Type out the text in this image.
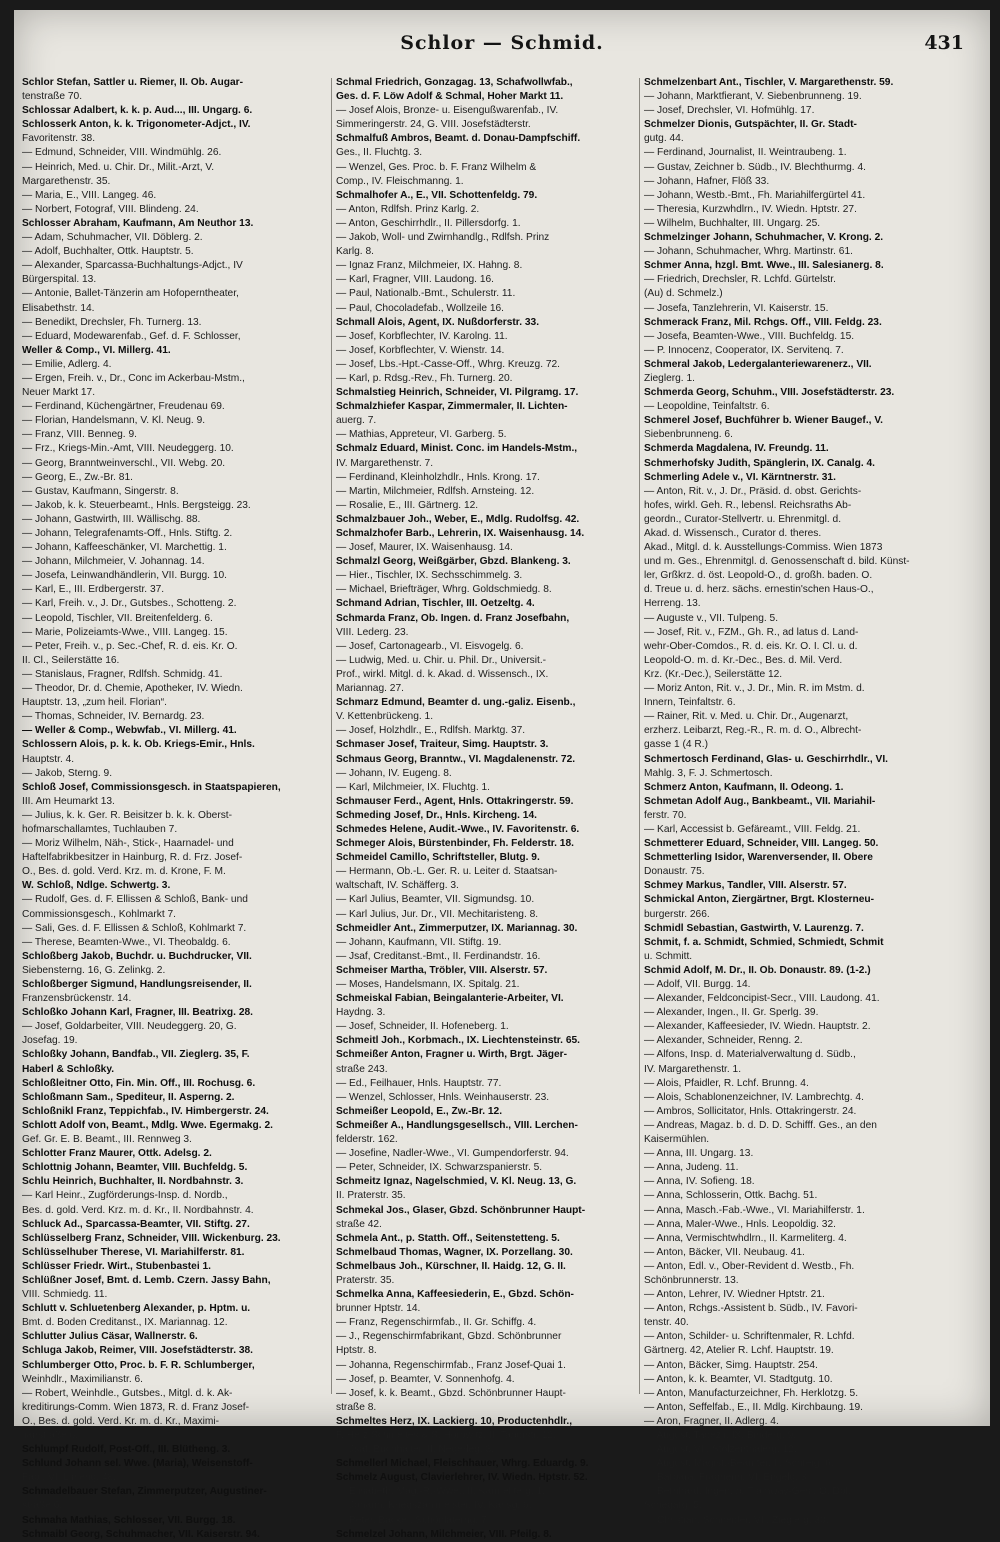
Schlor — Schmid.	431
Schlor Stefan, Sattler u. Riemer, II. Ob. Augar-
tenstraße 70.
Schlossar Adalbert, k. k. p. Aud..., III. Ungarg. 6.
Schlosserk Anton, k. k. Trigonometer-Adjct., IV.
Favoritenstr. 38.
— Edmund, Schneider, VIII. Windmühlg. 26.
— Heinrich, Med. u. Chir. Dr., Milit.-Arzt, V.
Margarethenstr. 35.
— Maria, E., VIII. Langeg. 46.
— Norbert, Fotograf, VIII. Blindeng. 24.
Schlosser Abraham, Kaufmann, Am Neuthor 13.
— Adam, Schuhmacher, VII. Döblerg. 2.
— Adolf, Buchhalter, Ottk. Hauptstr. 5.
— Alexander, Sparcassa-Buchhaltungs-Adjct., IV
Bürgerspital. 13.
— Antonie, Ballet-Tänzerin am Hofoperntheater,
Elisabethstr. 14.
— Benedikt, Drechsler, Fh. Turnerg. 13.
— Eduard, Modewarenfab., Gef. d. F. Schlosser,
Weller & Comp., VI. Millerg. 41.
— Emilie, Adlerg. 4.
— Ergen, Freih. v., Dr., Conc im Ackerbau-Mstm.,
Neuer Markt 17.
— Ferdinand, Küchengärtner, Freudenau 69.
— Florian, Handelsmann, V. Kl. Neug. 9.
— Franz, VIII. Benneg. 9.
— Frz., Kriegs-Min.-Amt, VIII. Neudeggerg. 10.
— Georg, Branntweinverschl., VII. Webg. 20.
— Georg, E., Zw.-Br. 81.
— Gustav, Kaufmann, Singerstr. 8.
— Jakob, k. k. Steuerbeamt., Hnls. Bergsteigg. 23.
— Johann, Gastwirth, III. Wällischg. 88.
— Johann, Telegrafenamts-Off., Hnls. Stiftg. 2.
— Johann, Kaffeeschänker, VI. Marchettig. 1.
— Johann, Milchmeier, V. Johannag. 14.
— Josefa, Leinwandhändlerin, VII. Burgg. 10.
— Karl, E., III. Erdbergerstr. 37.
— Karl, Freih. v., J. Dr., Gutsbes., Schotteng. 2.
— Leopold, Tischler, VII. Breitenfelderg. 6.
— Marie, Polizeiamts-Wwe., VIII. Langeg. 15.
— Peter, Freih. v., p. Sec.-Chef, R. d. eis. Kr. O.
II. Cl., Seilerstätte 16.
— Stanislaus, Fragner, Rdlfsh. Schmidg. 41.
— Theodor, Dr. d. Chemie, Apotheker, IV. Wiedn.
Hauptstr. 13, „zum heil. Florian“.
— Thomas, Schneider, IV. Bernardg. 23.
— Weller & Comp., Webwfab., VI. Millerg. 41.
Schlossern Alois, p. k. k. Ob. Kriegs-Emir., Hnls.
Hauptstr. 4.
— Jakob, Sterng. 9.
Schloß Josef, Commissionsgesch. in Staatspapieren,
III. Am Heumarkt 13.
— Julius, k. k. Ger. R. Beisitzer b. k. k. Oberst-
hofmarschallamtes, Tuchlauben 7.
— Moriz Wilhelm, Näh-, Stick-, Haarnadel- und
Haftelfabrikbesitzer in Hainburg, R. d. Frz. Josef-
O., Bes. d. gold. Verd. Krz. m. d. Krone, F. M.
W. Schloß, Ndlge. Schwertg. 3.
— Rudolf, Ges. d. F. Ellissen & Schloß, Bank- und
Commissionsgesch., Kohlmarkt 7.
— Sali, Ges. d. F. Ellissen & Schloß, Kohlmarkt 7.
— Therese, Beamten-Wwe., VI. Theobaldg. 6.
Schloßberg Jakob, Buchdr. u. Buchdrucker, VII.
Siebensterng. 16, G. Zelinkg. 2.
Schloßberger Sigmund, Handlungsreisender, II.
Franzensbrückenstr. 14.
Schloßko Johann Karl, Fragner, III. Beatrixg. 28.
— Josef, Goldarbeiter, VIII. Neudeggerg. 20, G.
Josefag. 19.
Schloßky Johann, Bandfab., VII. Zieglerg. 35, F.
Haberl & Schloßky.
Schloßleitner Otto, Fin. Min. Off., III. Rochusg. 6.
Schloßmann Sam., Spediteur, II. Asperng. 2.
Schloßnikl Franz, Teppichfab., IV. Himbergerstr. 24.
Schlott Adolf von, Beamt., Mdlg. Wwe. Egermakg. 2.
Gef. Gr. E. B. Beamt., III. Rennweg 3.
Schlotter Franz Maurer, Ottk. Adelsg. 2.
Schlottnig Johann, Beamter, VIII. Buchfeldg. 5.
Schlu Heinrich, Buchhalter, II. Nordbahnstr. 3.
— Karl Heinr., Zugförderungs-Insp. d. Nordb.,
Bes. d. gold. Verd. Krz. m. d. Kr., II. Nordbahnstr. 4.
Schluck Ad., Sparcassa-Beamter, VII. Stiftg. 27.
Schlüsselberg Franz, Schneider, VIII. Wickenburg. 23.
Schlüsselhuber Therese, VI. Mariahilferstr. 81.
Schlüsser Friedr. Wirt., Stubenbastei 1.
Schlüßner Josef, Bmt. d. Lemb. Czern. Jassy Bahn,
VIII. Schmiedg. 11.
Schlutt v. Schluetenberg Alexander, p. Hptm. u.
Bmt. d. Boden Creditanst., IX. Mariannag. 12.
Schlutter Julius Cäsar, Wallnerstr. 6.
Schluga Jakob, Reimer, VIII. Josefstädterstr. 38.
Schlumberger Otto, Proc. b. F. R. Schlumberger,
Weinhdlr., Maximilianstr. 6.
— Robert, Weinhdle., Gutsbes., Mitgl. d. k. Ak-
kreditirungs-Comm. Wien 1873, R. d. Franz Josef-
O., Bes. d. gold. Verd. Kr. m. d. Kr., Maximi-
lianstraße 6.
Schlumpf Rudolf, Post-Off., III. Blütheng. 3.
Schlund Johann sel. Wwe. (Maria), Weisenstoff-
Fab., VI. Linieng. 48.
Schmadelbauer Stefan, Zimmerputzer, Augustiner-
straße 6.
Schmaha Mathias, Schlosser, VII. Burgg. 18.
Schmaibl Georg, Schuhmacher, VII. Kaiserstr. 94.
Schmal Friedrich, Gonzagag. 13, Schafwollwfab.,
Ges. d. F. Löw Adolf & Schmal, Hoher Markt 11.
— Josef Alois, Bronze- u. Eisengußwarenfab., IV.
Simmeringerstr. 24, G. VIII. Josefstädterstr.
Schmalfuß Ambros, Beamt. d. Donau-Dampfschiff.
Ges., II. Fluchtg. 3.
— Wenzel, Ges. Proc. b. F. Franz Wilhelm &
Comp., IV. Fleischmanng. 1.
Schmalhofer A., E., VII. Schottenfeldg. 79.
— Anton, Rdlfsh. Prinz Karlg. 2.
— Anton, Geschirrhdlr., II. Pillersdorfg. 1.
— Jakob, Woll- und Zwirnhandlg., Rdlfsh. Prinz
Karlg. 8.
— Ignaz Franz, Milchmeier, IX. Hahng. 8.
— Karl, Fragner, VIII. Laudong. 16.
— Paul, Nationalb.-Bmt., Schulerstr. 11.
— Paul, Chocoladefab., Wollzeile 16.
Schmall Alois, Agent, IX. Nußdorferstr. 33.
— Josef, Korbflechter, IV. Karolng. 11.
— Josef, Korbflechter, V. Wienstr. 14.
— Josef, Lbs.-Hpt.-Casse-Off., Whrg. Kreuzg. 72.
— Karl, p. Rdsg.-Rev., Fh. Turnerg. 20.
Schmalstieg Heinrich, Schneider, VI. Pilgramg. 17.
Schmalzhiefer Kaspar, Zimmermaler, II. Lichten-
auerg. 7.
— Mathias, Appreteur, VI. Garberg. 5.
Schmalz Eduard, Minist. Conc. im Handels-Mstm.,
IV. Margarethenstr. 7.
— Ferdinand, Kleinholzhdlr., Hnls. Krong. 17.
— Martin, Milchmeier, Rdlfsh. Arnsteing. 12.
— Rosalie, E., III. Gärtnerg. 12.
Schmalzbauer Joh., Weber, E., Mdlg. Rudolfsg. 42.
Schmalzhofer Barb., Lehrerin, IX. Waisenhausg. 14.
— Josef, Maurer, IX. Waisenhausg. 14.
Schmalzl Georg, Weißgärber, Gbzd. Blankeng. 3.
— Hier., Tischler, IX. Sechsschimmelg. 3.
— Michael, Briefträger, Whrg. Goldschmiedg. 8.
Schmand Adrian, Tischler, III. Oetzeltg. 4.
Schmarda Franz, Ob. Ingen. d. Franz Josefbahn,
VIII. Lederg. 23.
— Josef, Cartonagearb., VI. Eisvogelg. 6.
— Ludwig, Med. u. Chir. u. Phil. Dr., Universit.-
Prof., wirkl. Mitgl. d. k. Akad. d. Wissensch., IX.
Mariannag. 27.
Schmarz Edmund, Beamter d. ung.-galiz. Eisenb.,
V. Kettenbrückeng. 1.
— Josef, Holzhdlr., E., Rdlfsh. Marktg. 37.
Schmaser Josef, Traiteur, Simg. Hauptstr. 3.
Schmaus Georg, Branntw., VI. Magdalenenstr. 72.
— Johann, IV. Eugeng. 8.
— Karl, Milchmeier, IX. Fluchtg. 1.
Schmauser Ferd., Agent, Hnls. Ottakringerstr. 59.
Schmeding Josef, Dr., Hnls. Kircheng. 14.
Schmedes Helene, Audit.-Wwe., IV. Favoritenstr. 6.
Schmeger Alois, Bürstenbinder, Fh. Felderstr. 18.
Schmeidel Camillo, Schriftsteller, Blutg. 9.
— Hermann, Ob.-L. Ger. R. u. Leiter d. Staatsan-
waltschaft, IV. Schäfferg. 3.
— Karl Julius, Beamter, VII. Sigmundsg. 10.
— Karl Julius, Jur. Dr., VII. Mechitaristeng. 8.
Schmeidler Ant., Zimmerputzer, IX. Mariannag. 30.
— Johann, Kaufmann, VII. Stiftg. 19.
— Jsaf, Creditanst.-Bmt., II. Ferdinandstr. 16.
Schmeiser Martha, Tröbler, VIII. Alserstr. 57.
— Moses, Handelsmann, IX. Spitalg. 21.
Schmeiskal Fabian, Beingalanterie-Arbeiter, VI.
Haydng. 3.
— Josef, Schneider, II. Hofeneberg. 1.
Schmeitl Joh., Korbmach., IX. Liechtensteinstr. 65.
Schmeißer Anton, Fragner u. Wirth, Brgt. Jäger-
straße 243.
— Ed., Feilhauer, Hnls. Hauptstr. 77.
— Wenzel, Schlosser, Hnls. Weinhauserstr. 23.
Schmeißer Leopold, E., Zw.-Br. 12.
Schmeißer A., Handlungsgesellsch., VIII. Lerchen-
felderstr. 162.
— Josefine, Nadler-Wwe., VI. Gumpendorferstr. 94.
— Peter, Schneider, IX. Schwarzspanierstr. 5.
Schmeitz Ignaz, Nagelschmied, V. Kl. Neug. 13, G.
II. Praterstr. 35.
Schmekal Jos., Glaser, Gbzd. Schönbrunner Haupt-
straße 42.
Schmela Ant., p. Statth. Off., Seitenstetteng. 5.
Schmelbaud Thomas, Wagner, IX. Porzellang. 30.
Schmelbaus Joh., Kürschner, II. Haidg. 12, G. II.
Praterstr. 35.
Schmelka Anna, Kaffeesiederin, E., Gbzd. Schön-
brunner Hptstr. 14.
— Franz, Regenschirmfab., II. Gr. Schiffg. 4.
— J., Regenschirmfabrikant, Gbzd. Schönbrunner
Hptstr. 8.
— Johanna, Regenschirmfab., Franz Josef-Quai 1.
— Josef, p. Beamter, V. Sonnenhofg. 4.
— Josef, k. k. Beamt., Gbzd. Schönbrunner Haupt-
straße 8.
Schmeltes Herz, IX. Lackierg. 10, Productenhdlr.,
F. Herz Schmeltes & S. Horowitz, II. Taborstr. 12.
— Jsaf, Buchhalter, II. Negerleg. 3.
Schmellerl Michael, Fleischhauer, Whrg. Eduardg. 9.
Schmelz August, Clavierlehrer, IV. Wiedn. Hptstr. 52.
— Elisabeth, Mag.-R.-Wwe., II. Karmeliterg. 1.
— Johann, Kriegszahlmeister, IV. Karlsg. 6.
— Peter, Bäcker, Schönlaterng. 7.
Schmelzel Johann, Milchmeier, VIII. Pfeilg. 8.
Schmelzenbart Ant., Tischler, V. Margarethenstr. 59.
— Johann, Marktfierant, V. Siebenbrunneng. 19.
— Josef, Drechsler, VI. Hofmühlg. 17.
Schmelzer Dionis, Gutspächter, II. Gr. Stadt-
gutg. 44.
— Ferdinand, Journalist, II. Weintraubeng. 1.
— Gustav, Zeichner b. Südb., IV. Blechthurmg. 4.
— Johann, Hafner, Flöß 33.
— Johann, Westb.-Bmt., Fh. Mariahilfergürtel 41.
— Theresia, Kurzwhdlrn., IV. Wiedn. Hptstr. 27.
— Wilhelm, Buchhalter, III. Ungarg. 25.
Schmelzinger Johann, Schuhmacher, V. Krong. 2.
— Johann, Schuhmacher, Whrg. Martinstr. 61.
Schmer Anna, hzgl. Bmt. Wwe., III. Salesianerg. 8.
— Friedrich, Drechsler, R. Lchfd. Gürtelstr.
(Au) d. Schmelz.)
— Josefa, Tanzlehrerin, VI. Kaiserstr. 15.
Schmerack Franz, Mil. Rchgs. Off., VIII. Feldg. 23.
— Josefa, Beamten-Wwe., VIII. Buchfeldg. 15.
— P. Innocenz, Cooperator, IX. Servitenq. 7.
Schmeral Jakob, Ledergalanteriewarenerz., VII.
Zieglerg. 1.
Schmerda Georg, Schuhm., VIII. Josefstädterstr. 23.
— Leopoldine, Teinfaltstr. 6.
Schmerel Josef, Buchführer b. Wiener Baugef., V.
Siebenbrunneng. 6.
Schmerda Magdalena, IV. Freundg. 11.
Schmerhofsky Judith, Spänglerin, IX. Canalg. 4.
Schmerling Adele v., VI. Kärntnerstr. 31.
— Anton, Rit. v., J. Dr., Präsid. d. obst. Gerichts-
hofes, wirkl. Geh. R., lebensl. Reichsraths Ab-
geordn., Curator-Stellvertr. u. Ehrenmitgl. d.
Akad. d. Wissensch., Curator d. theres.
Akad., Mitgl. d. k. Ausstellungs-Commiss. Wien 1873
und m. Ges., Ehrenmitgl. d. Genossenschaft d. bild. Künst-
ler, Grßkrz. d. öst. Leopold-O., d. großh. baden. O.
d. Treue u. d. herz. sächs. ernestin'schen Haus-O.,
Herreng. 13.
— Auguste v., VII. Tulpeng. 5.
— Josef, Rit. v., FZM., Gh. R., ad latus d. Land-
wehr-Ober-Comdos., R. d. eis. Kr. O. I. Cl. u. d.
Leopold-O. m. d. Kr.-Dec., Bes. d. Mil. Verd.
Krz. (Kr.-Dec.), Seilerstätte 12.
— Moriz Anton, Rit. v., J. Dr., Min. R. im Mstm. d.
Innern, Teinfaltstr. 6.
— Rainer, Rit. v. Med. u. Chir. Dr., Augenarzt,
erzherz. Leibarzt, Reg.-R., R. m. d. O., Albrecht-
gasse 1 (4 R.)
Schmertosch Ferdinand, Glas- u. Geschirrhdlr., VI.
Mahlg. 3, F. J. Schmertosch.
Schmerz Anton, Kaufmann, II. Odeong. 1.
Schmetan Adolf Aug., Bankbeamt., VII. Mariahil-
ferstr. 70.
— Karl, Accessist b. Gefäreamt., VIII. Feldg. 21.
Schmetterer Eduard, Schneider, VIII. Langeg. 50.
Schmetterling Isidor, Warenversender, II. Obere
Donaustr. 75.
Schmey Markus, Tandler, VIII. Alserstr. 57.
Schmickal Anton, Ziergärtner, Brgt. Klosterneu-
burgerstr. 266.
Schmidl Sebastian, Gastwirth, V. Laurenzg. 7.
Schmit, f. a. Schmidt, Schmied, Schmiedt, Schmit
u. Schmitt.
Schmid Adolf, M. Dr., II. Ob. Donaustr. 89. (1-2.)
— Adolf, VII. Burgg. 14.
— Alexander, Feldconcipist-Secr., VIII. Laudong. 41.
— Alexander, Ingen., II. Gr. Sperlg. 39.
— Alexander, Kaffeesieder, IV. Wiedn. Hauptstr. 2.
— Alexander, Schneider, Renng. 2.
— Alfons, Insp. d. Materialverwaltung d. Südb.,
IV. Margarethenstr. 1.
— Alois, Pfaidler, R. Lchf. Brunng. 4.
— Alois, Schablonenzeichner, IV. Lambrechtg. 4.
— Ambros, Sollicitator, Hnls. Ottakringerstr. 24.
— Andreas, Magaz. b. d. D. D. Schifff. Ges., an den
Kaisermühlen.
— Anna, III. Ungarg. 13.
— Anna, Judeng. 11.
— Anna, IV. Sofieng. 18.
— Anna, Schlosserin, Ottk. Bachg. 51.
— Anna, Masch.-Fab.-Wwe., VI. Mariahilferstr. 1.
— Anna, Maler-Wwe., Hnls. Leopoldig. 32.
— Anna, Vermischtwhdlrn., II. Karmeliterg. 4.
— Anton, Bäcker, VII. Neubaug. 41.
— Anton, Edl. v., Ober-Revident d. Westb., Fh.
Schönbrunnerstr. 13.
— Anton, Lehrer, IV. Wiedner Hptstr. 21.
— Anton, Rchgs.-Assistent b. Südb., IV. Favori-
tenstr. 40.
— Anton, Schilder- u. Schriftenmaler, R. Lchfd.
Gärtnerg. 42, Atelier R. Lchf. Hauptstr. 19.
— Anton, Bäcker, Simg. Hauptstr. 254.
— Anton, k. k. Beamter, VI. Stadtgutg. 10.
— Anton, Manufacturzeichner, Fh. Herklotzg. 5.
— Anton, Seffelfab., E., II. Mdlg. Kirchbaung. 19.
— Aron, Fragner, II. Adlerg. 4.
— August, Tapezir, IX. Binderg. 9.
— August, VII. Stolzenthalerg. 12.
— August, Magist.-Beamter, II. Schreig. 6.
— Barbara, Fragnerin, VI. Engelg. 8.
— Bernhard, Ingen. b. Tramway-Ges., O. Dbl.
Schegarg. 5.
— Christian, Schneider, VII. Zieglerg. 30.
